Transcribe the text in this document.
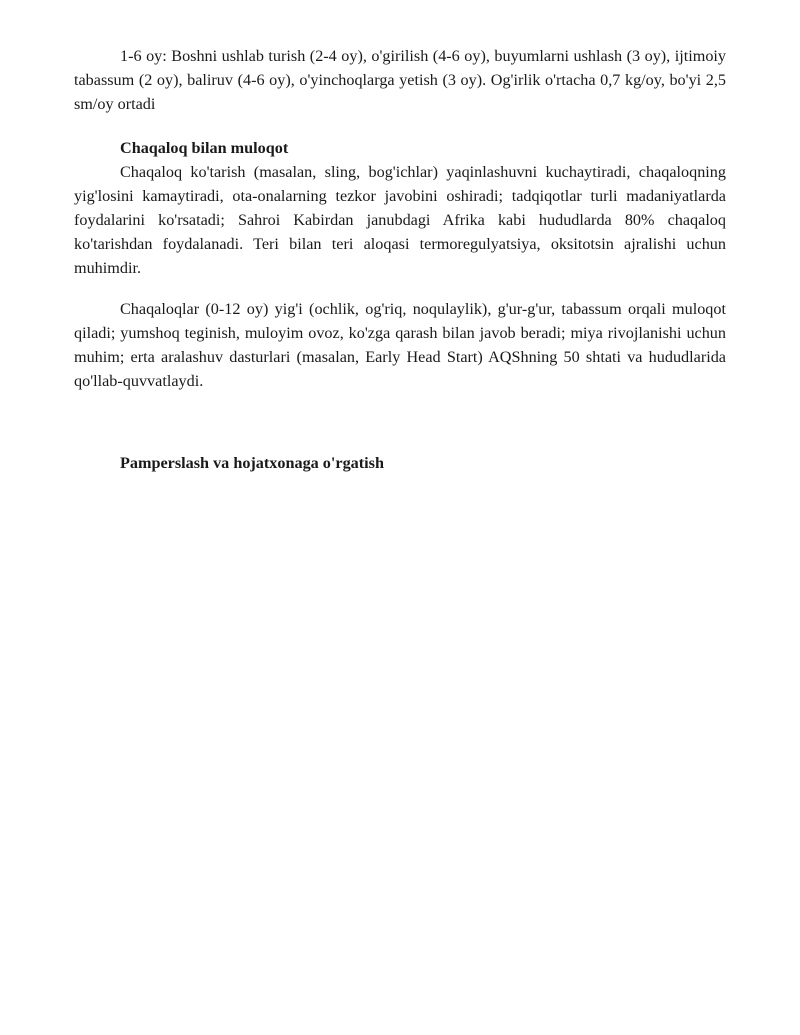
1-6 oy: Boshni ushlab turish (2-4 oy), o'girilish (4-6 oy), buyumlarni ushlash (3 oy), ijtimoiy tabassum (2 oy), baliruv (4-6 oy), o'yinchoqlarga yetish (3 oy). Og'irlik o'rtacha 0,7 kg/oy, bo'yi 2,5 sm/oy ortadi

Chaqaloq bilan muloqot

Chaqaloq ko'tarish (masalan, sling, bog'ichlar) yaqinlashuvni kuchaytiradi, chaqaloqning yig'losini kamaytiradi, ota-onalarning tezkor javobini oshiradi; tadqiqotlar turli madaniyatlarda foydalarini ko'rsatadi; Sahroi Kabirdan janubdagi Afrika kabi hududlarda 80% chaqaloq ko'tarishdan foydalanadi. Teri bilan teri aloqasi termoregulyatsiya, oksitotsin ajralishi uchun muhimdir.

Chaqaloqlar (0-12 oy) yig'i (ochlik, og'riq, noqulaylik), g'ur-g'ur, tabassum orqali muloqot qiladi; yumshoq teginish, muloyim ovoz, ko'zga qarash bilan javob beradi; miya rivojlanishi uchun muhim; erta aralashuv dasturlari (masalan, Early Head Start) AQShning 50 shtati va hududlarida qo'llab-quvvatlaydi.

Pamperslash va hojatxonaga o'rgatish
